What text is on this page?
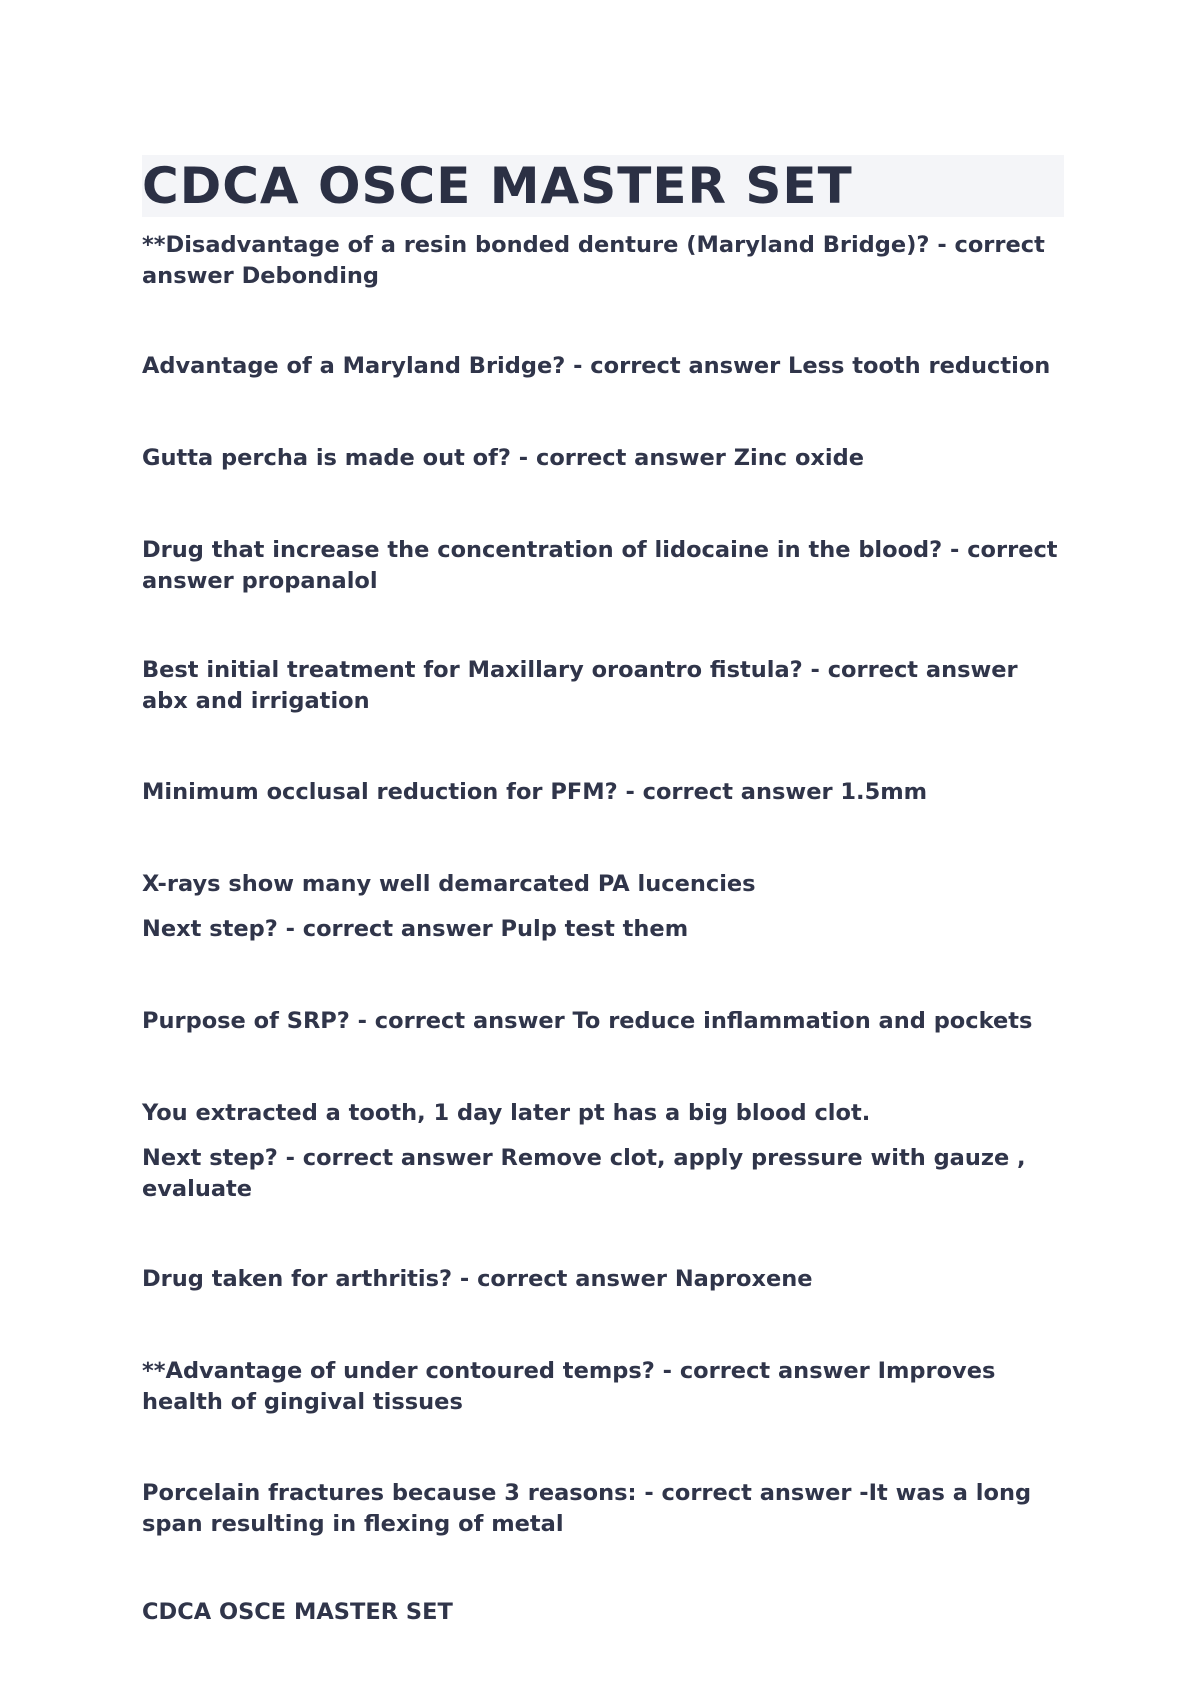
CDCA OSCE MASTER SET

**Disadvantage of a resin bonded denture (Maryland Bridge)? - correct answer Debonding

Advantage of a Maryland Bridge? - correct answer Less tooth reduction

Gutta percha is made out of? - correct answer Zinc oxide

Drug that increase the concentration of lidocaine in the blood? - correct answer propanalol

Best initial treatment for Maxillary oroantro fistula? - correct answer abx and irrigation

Minimum occlusal reduction for PFM? - correct answer 1.5mm

X-rays show many well demarcated PA lucencies

Next step? - correct answer Pulp test them

Purpose of SRP? - correct answer To reduce inflammation and pockets

You extracted a tooth, 1 day later pt has a big blood clot.

Next step? - correct answer Remove clot, apply pressure with gauze , evaluate

Drug taken for arthritis? - correct answer Naproxene

**Advantage of under contoured temps? - correct answer Improves health of gingival tissues

Porcelain fractures because 3 reasons: - correct answer -It was a long span resulting in flexing of metal

CDCA OSCE MASTER SET
